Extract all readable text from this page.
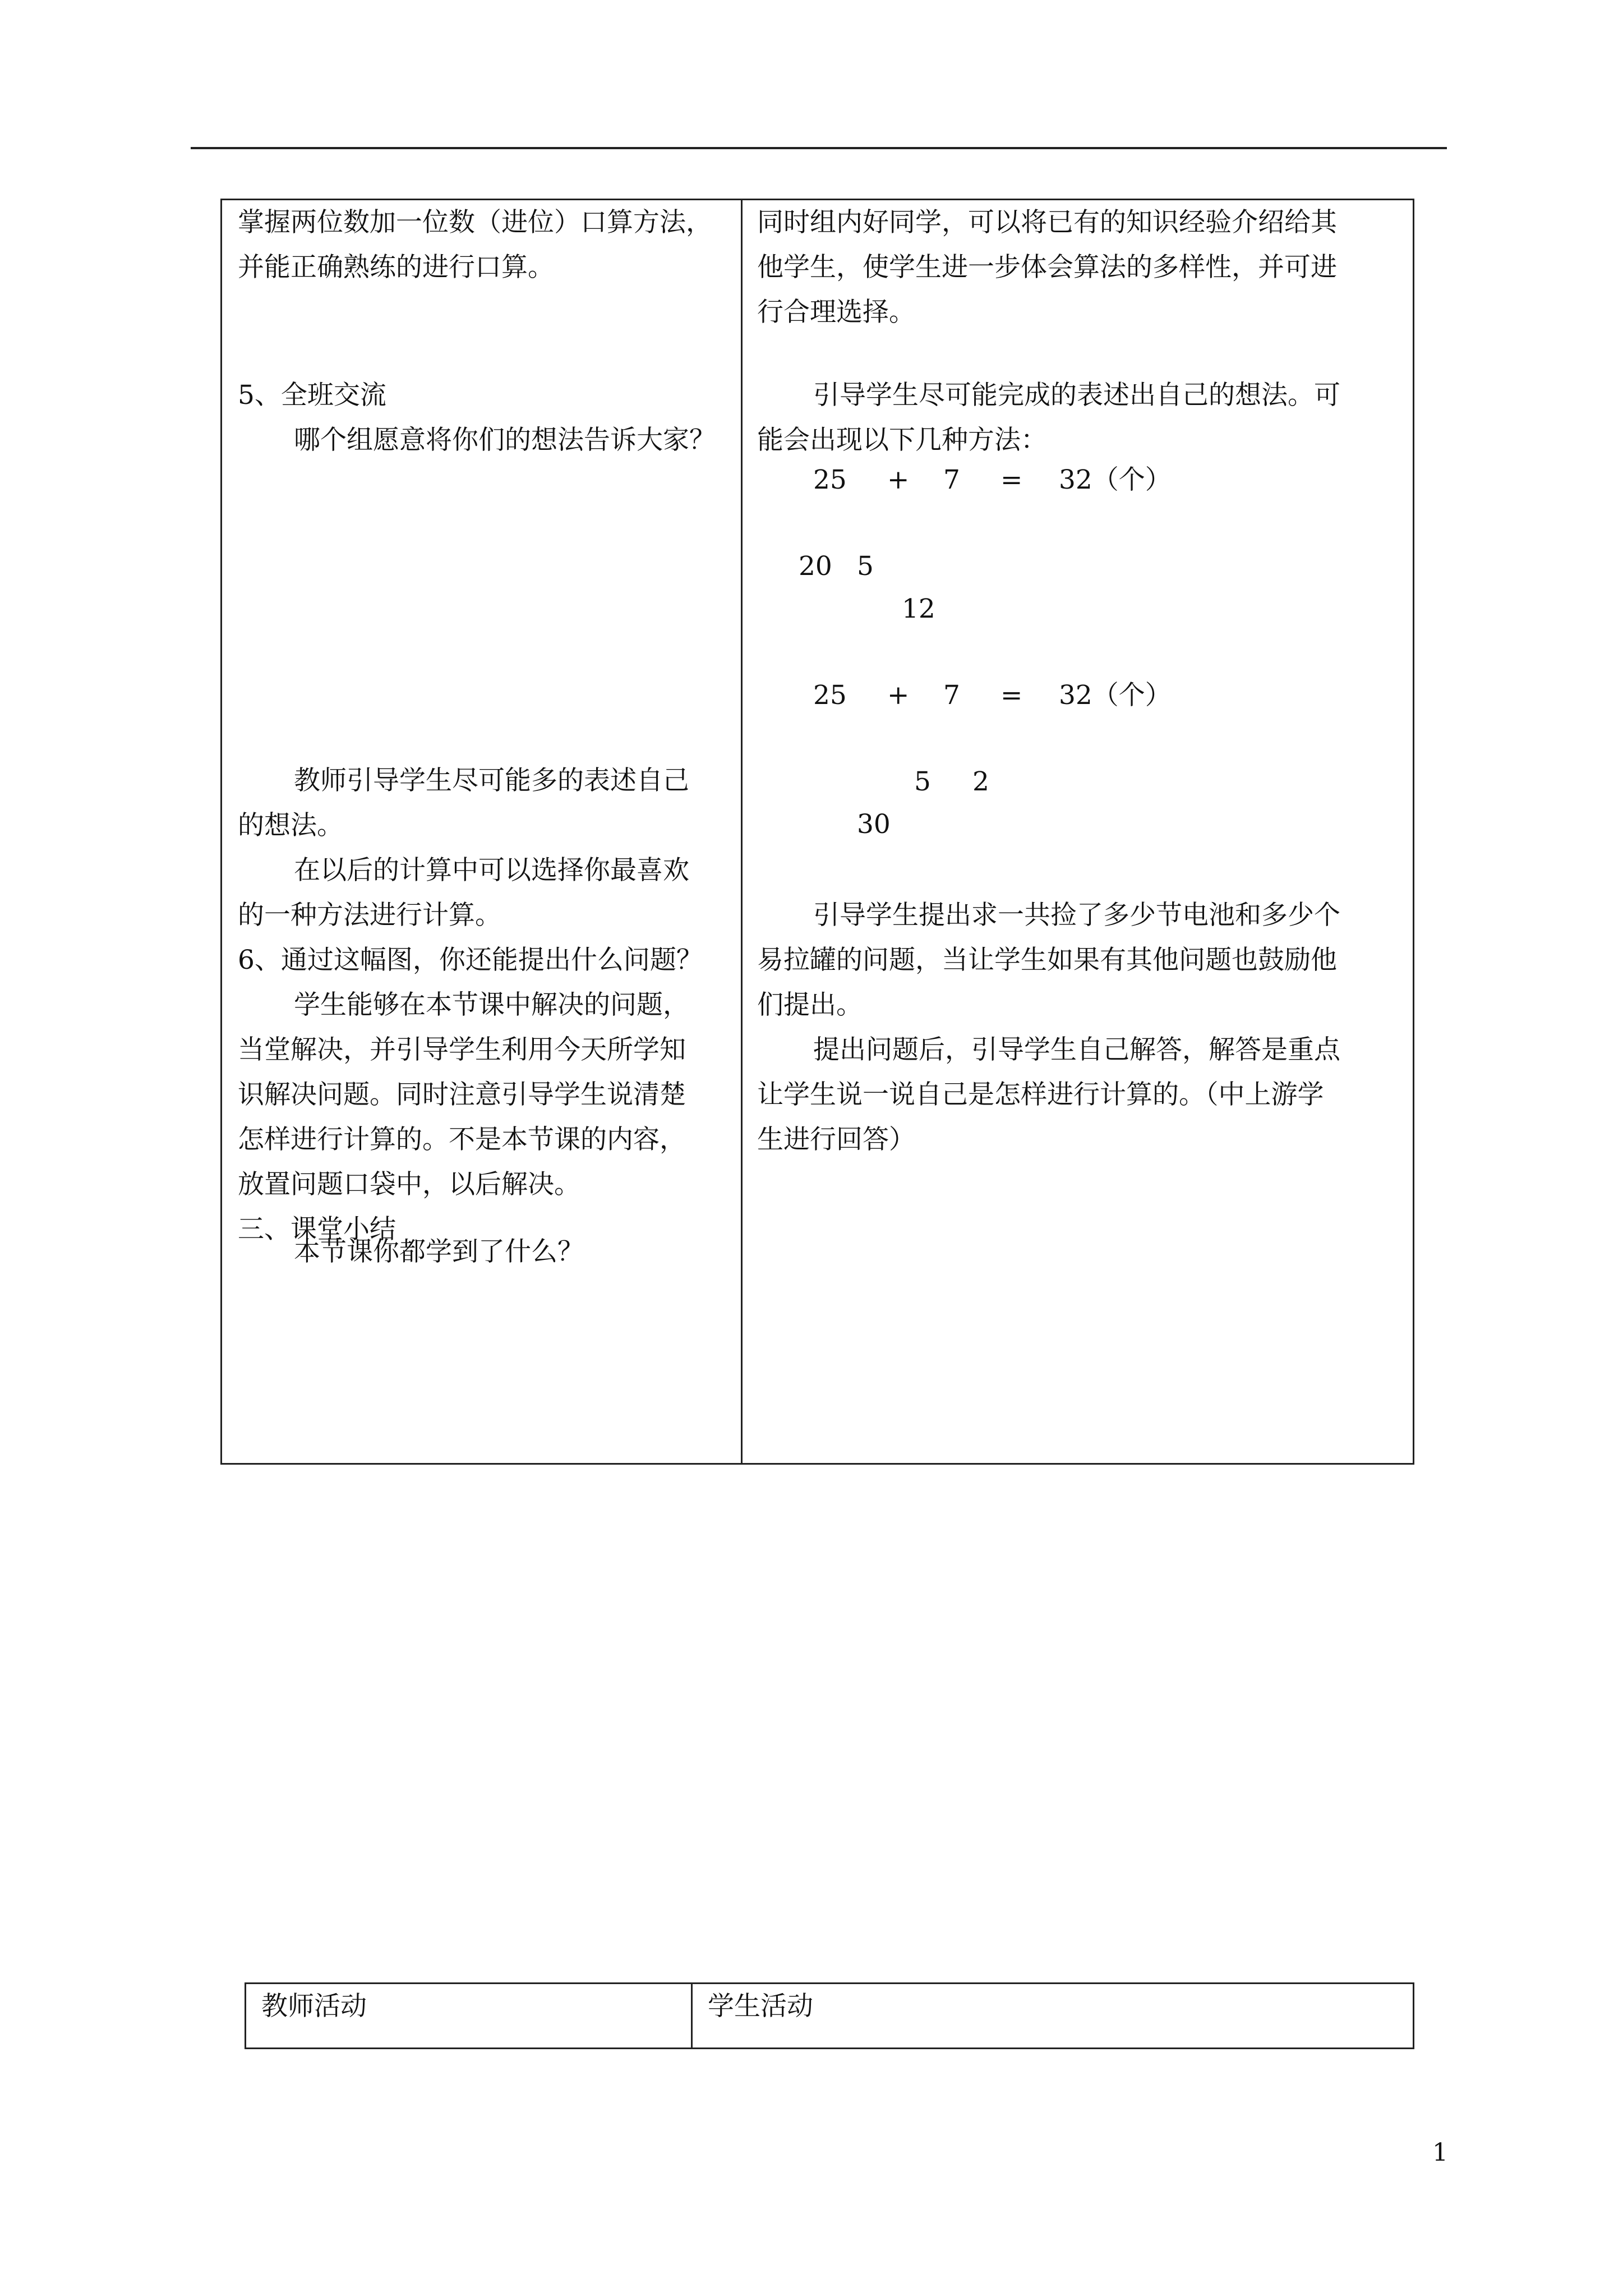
掌握两位数加一位数（进位）口算方法，

并能正确熟练的进行口算。

5、全班交流

哪个组愿意将你们的想法告诉大家？

教师引导学生尽可能多的表述自己

的想法。

在以后的计算中可以选择你最喜欢

的一种方法进行计算。

6、通过这幅图，你还能提出什么问题？

学生能够在本节课中解决的问题，

当堂解决，并引导学生利用今天所学知

识解决问题。同时注意引导学生说清楚

怎样进行计算的。不是本节课的内容，

放置问题口袋中，以后解决。

三、课堂小结

本节课你都学到了什么？

同时组内好同学，可以将已有的知识经验介绍给其

他学生，使学生进一步体会算法的多样性，并可进

行合理选择。

引导学生尽可能完成的表述出自己的想法。可

能会出现以下几种方法：

25 + 7 = 32（个）
20 5
12
25 + 7 = 32（个）
5 2
30

引导学生提出求一共捡了多少节电池和多少个

易拉罐的问题，当让学生如果有其他问题也鼓励他

们提出。

提出问题后，引导学生自己解答，解答是重点

让学生说一说自己是怎样进行计算的。（中上游学

生进行回答）

教师活动	学生活动

1
